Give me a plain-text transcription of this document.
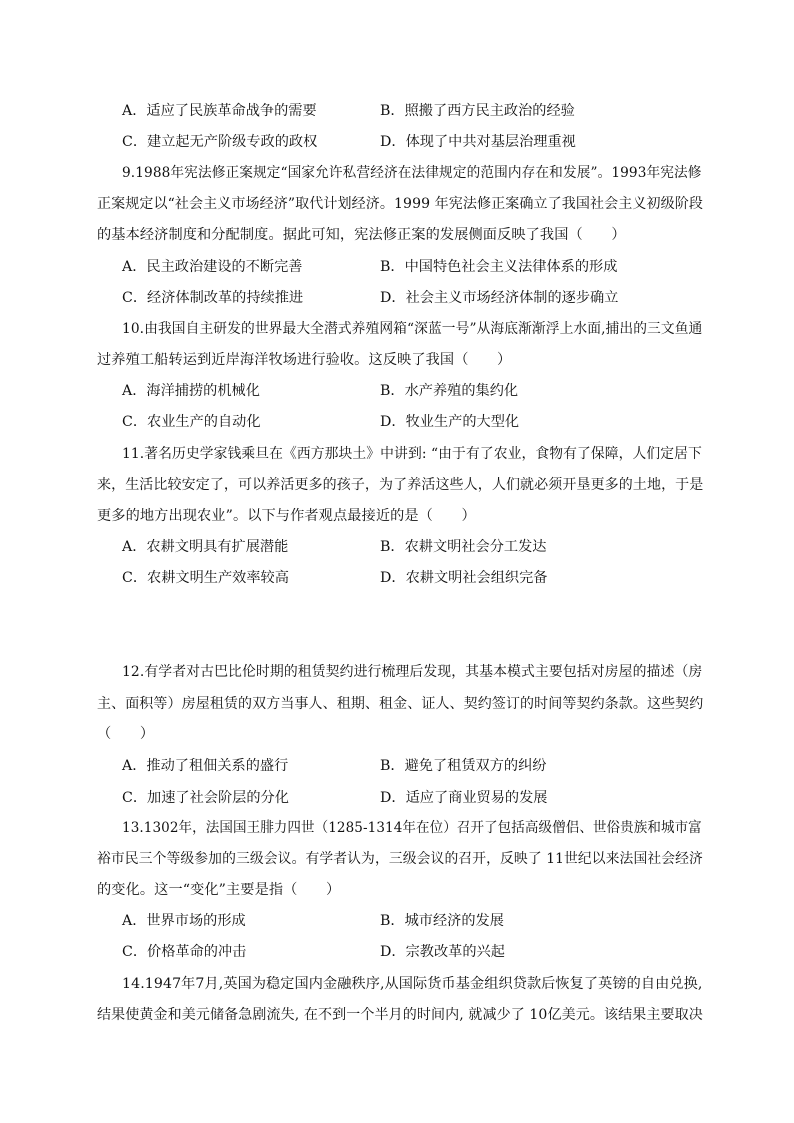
A．适应了民族革命战争的需要	B．照搬了西方民主政治的经验
C．建立起无产阶级专政的政权	D．体现了中共对基层治理重视
9.1988年宪法修正案规定“国家允许私营经济在法律规定的范围内存在和发展”。1993年宪法修
正案规定以“社会主义市场经济”取代计划经济。1999 年宪法修正案确立了我国社会主义初级阶段
的基本经济制度和分配制度。据此可知，宪法修正案的发展侧面反映了我国（　　）
A．民主政治建设的不断完善	B．中国特色社会主义法律体系的形成
C．经济体制改革的持续推进	D．社会主义市场经济体制的逐步确立
10.由我国自主研发的世界最大全潜式养殖网箱“深蓝一号”从海底渐渐浮上水面,捕出的三文鱼通
过养殖工船转运到近岸海洋牧场进行验收。这反映了我国（　　）
A．海洋捕捞的机械化	B．水产养殖的集约化
C．农业生产的自动化	D．牧业生产的大型化
11.著名历史学家钱乘旦在《西方那块土》中讲到: “由于有了农业，食物有了保障，人们定居下
来，生活比较安定了，可以养活更多的孩子，为了养活这些人，人们就必须开垦更多的土地，于是
更多的地方出现农业”。以下与作者观点最接近的是（　　）
A．农耕文明具有扩展潜能	B．农耕文明社会分工发达
C．农耕文明生产效率较高	D．农耕文明社会组织完备
12.有学者对古巴比伦时期的租赁契约进行梳理后发现，其基本模式主要包括对房屋的描述（房
主、面积等）房屋租赁的双方当事人、租期、租金、证人、契约签订的时间等契约条款。这些契约
（　　）
A．推动了租佃关系的盛行	B．避免了租赁双方的纠纷
C．加速了社会阶层的分化	D．适应了商业贸易的发展
13.1302年，法国国王腓力四世（1285-1314年在位）召开了包括高级僧侣、世俗贵族和城市富
裕市民三个等级参加的三级会议。有学者认为，三级会议的召开，反映了 11世纪以来法国社会经济
的变化。这一“变化”主要是指（　　）
A．世界市场的形成	B．城市经济的发展
C．价格革命的冲击	D．宗教改革的兴起
14.1947年7月,英国为稳定国内金融秩序,从国际货币基金组织贷款后恢复了英镑的自由兑换,
结果使黄金和美元储备急剧流失, 在不到一个半月的时间内, 就减少了 10亿美元。该结果主要取决
